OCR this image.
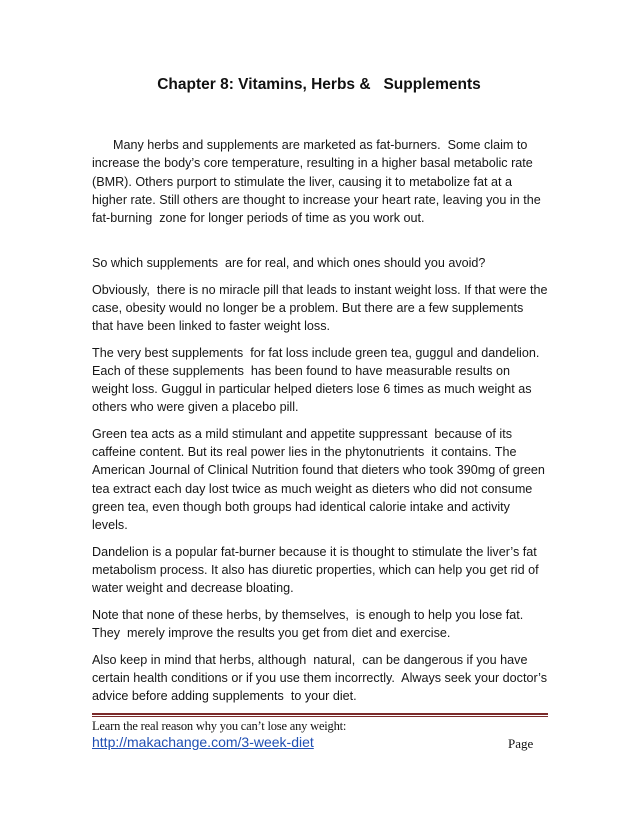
Chapter 8: Vitamins, Herbs &   Supplements

Many herbs and supplements are marketed as fat-burners.  Some claim to
increase the body’s core temperature, resulting in a higher basal metabolic rate
(BMR). Others purport to stimulate the liver, causing it to metabolize fat at a
higher rate. Still others are thought to increase your heart rate, leaving you in the
fat-burning  zone for longer periods of time as you work out.

So which supplements  are for real, and which ones should you avoid?

Obviously,  there is no miracle pill that leads to instant weight loss. If that were the
case, obesity would no longer be a problem. But there are a few supplements
that have been linked to faster weight loss.

The very best supplements  for fat loss include green tea, guggul and dandelion.
Each of these supplements  has been found to have measurable results on
weight loss. Guggul in particular helped dieters lose 6 times as much weight as
others who were given a placebo pill.

Green tea acts as a mild stimulant and appetite suppressant  because of its
caffeine content. But its real power lies in the phytonutrients  it contains. The
American Journal of Clinical Nutrition found that dieters who took 390mg of green
tea extract each day lost twice as much weight as dieters who did not consume
green tea, even though both groups had identical calorie intake and activity
levels.

Dandelion is a popular fat-burner because it is thought to stimulate the liver’s fat
metabolism process. It also has diuretic properties, which can help you get rid of
water weight and decrease bloating.

Note that none of these herbs, by themselves,  is enough to help you lose fat.
They  merely improve the results you get from diet and exercise.

Also keep in mind that herbs, although  natural,  can be dangerous if you have
certain health conditions or if you use them incorrectly.  Always seek your doctor’s
advice before adding supplements  to your diet.

Learn the real reason why you can’t lose any weight:
http://makachange.com/3-week-diet	Page
